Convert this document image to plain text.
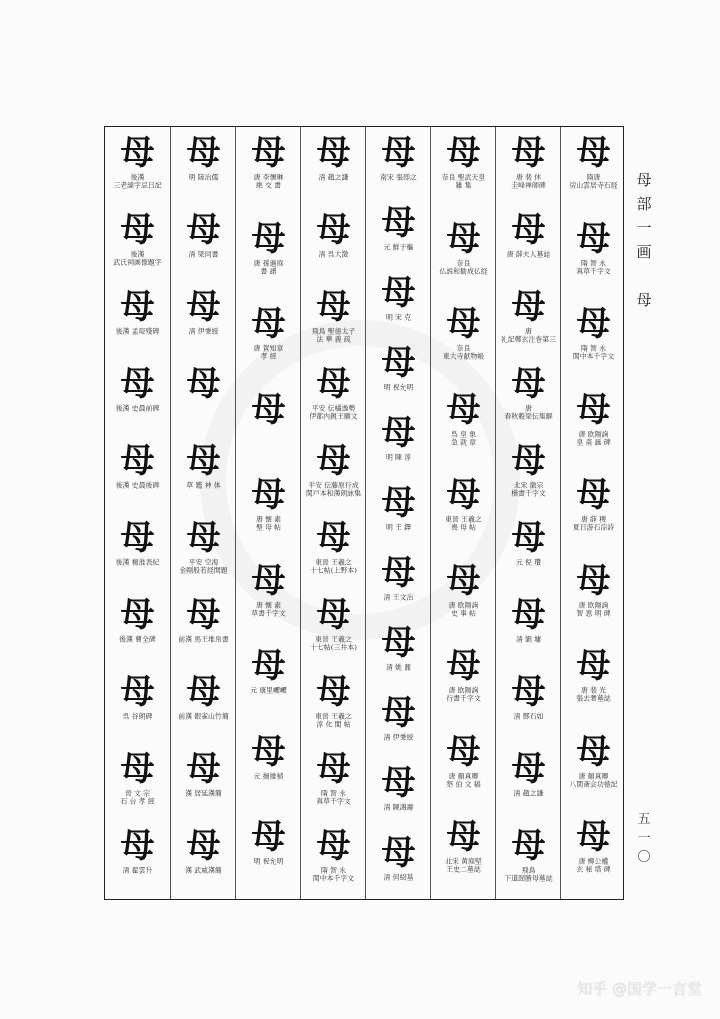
母
後漢
三老諱字忌日記
母
後漢
武氏祠画像題字
母
後漢 孟琁殘碑
母
後漢 史晨前碑
母
後漢 史晨後碑
母
後漢 楊淮表紀
母
後漢 曹全碑
母
呉 谷朗碑
母
晉 文 宗
石 台 孝 經
母
清 翟雲升
母
明 陸治儒
母
清 梁同書
母
清 伊秉綬
母
母
草 鑑 神 体
母
平安 空海
金剛般若経開題
母
前漢 馬王堆帛書
母
前漢 銀雀山竹簡
母
漢 居延漢簡
母
漢 武威漢簡
母
唐 李懷琳
絶 交 書
母
唐 孫過庭
書 譜
母
唐 賀知章
孝 經
母
母
唐 懐 素
聖 母 帖
母
唐 懐 素
草書千字文
母
元 康里巎巎
母
元 揚維楨
母
明 祝允明
母
清 趙之謙
母
清 呉大澂
母
飛鳥 聖徳太子
法 華 義 疏
母
平安 伝橘逸勢
伊都内親王願文
母
平安 伝藤原行成
関戸本和漢朗詠集
母
東晉 王羲之
十七帖(上野本)
母
東晉 王羲之
十七帖(三井本)
母
東晉 王羲之
淳 化 閣 帖
母
隋 智 永
真草千字文
母
隋 智 永
関中本千字文
母
南宋 張即之
母
元 鮮于樞
母
明 宋 克
母
明 祝允明
母
明 陳 淳
母
明 王 鐸
母
清 王文治
母
清 姚 鼐
母
清 伊秉綬
母
清 陳鴻壽
母
清 何紹基
母
奈良 聖武天皇
雑 集
母
奈良
仏説和勧成仏経
母
奈良
東大寺献物帳
母
呉 皇 象
急 就 章
母
東晉 王羲之
喪 母 帖
母
唐 欧陽詢
史 事 帖
母
唐 欧陽詢
行書千字文
母
唐 顏真卿
祭 伯 文 稿
母
北宋 黄庭堅
王史二墓誌
母
唐 裴 休
圭峰禅師碑
母
唐 薛夫人墓誌
母
唐
礼記鄭玄注巻第三
母
唐
春秋穀梁伝集解
母
北宋 徽宗
楷書千字文
母
元 倪 瓚
母
清 劉 墉
母
清 鄧石如
母
清 趙之謙
母
飛鳥
下道圀勝母墓誌
母
隋唐
房山雲居寺石経
母
隋 智 永
真草千字文
母
隋 智 永
関中本千字文
母
唐 欧陽詢
皇 甫 誕 碑
母
唐 薛 稷
夏日游石淙詩
母
唐 欧陽詢
智 恵 明 碑
母
唐 裴 光
張去奢墓誌
母
唐 顏真卿
八関斎会功徳記
母
唐 柳公權
玄 秘 塔 碑
母
部
一
画

母
五
一
〇
知乎 @国学一言堂
